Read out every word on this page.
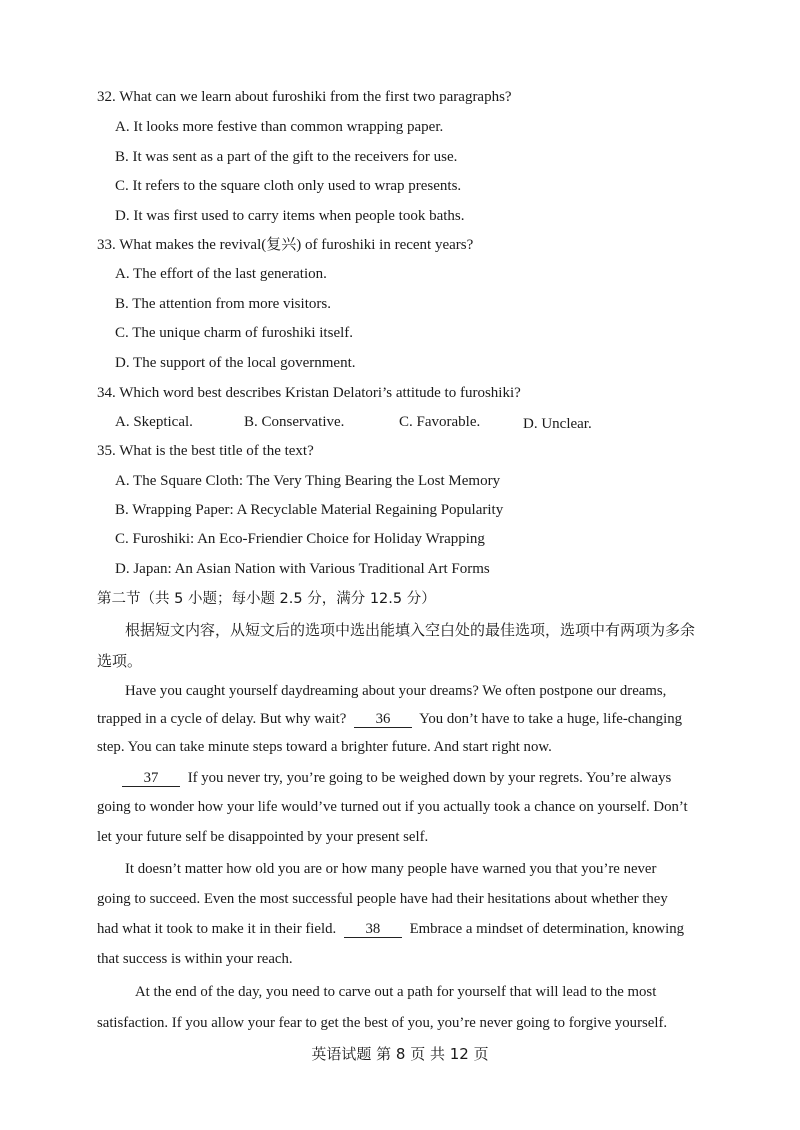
32. What can we learn about furoshiki from the first two paragraphs?
A. It looks more festive than common wrapping paper.
B. It was sent as a part of the gift to the receivers for use.
C. It refers to the square cloth only used to wrap presents.
D. It was first used to carry items when people took baths.
33. What makes the revival(复兴) of furoshiki in recent years?
A. The effort of the last generation.
B. The attention from more visitors.
C. The unique charm of furoshiki itself.
D. The support of the local government.
34. Which word best describes Kristan Delatori’s attitude to furoshiki?
A. Skeptical.	B. Conservative.	C. Favorable.	D. Unclear.
35. What is the best title of the text?
A. The Square Cloth: The Very Thing Bearing the Lost Memory
B. Wrapping Paper: A Recyclable Material Regaining Popularity
C. Furoshiki: An Eco-Friendier Choice for Holiday Wrapping
D. Japan: An Asian Nation with Various Traditional Art Forms
第二节（共 5 小题；每小题 2.5 分，满分 12.5 分）
根据短文内容，从短文后的选项中选出能填入空白处的最佳选项，选项中有两项为多余
选项。
Have you caught yourself daydreaming about your dreams? We often postpone our dreams,
trapped in a cycle of delay. But why wait? 36 You don’t have to take a huge, life-changing
step. You can take minute steps toward a brighter future. And start right now.
37 If you never try, you’re going to be weighed down by your regrets. You’re always
going to wonder how your life would’ve turned out if you actually took a chance on yourself. Don’t
let your future self be disappointed by your present self.
It doesn’t matter how old you are or how many people have warned you that you’re never
going to succeed. Even the most successful people have had their hesitations about whether they
had what it took to make it in their field. 38 Embrace a mindset of determination, knowing
that success is within your reach.
At the end of the day, you need to carve out a path for yourself that will lead to the most
satisfaction. If you allow your fear to get the best of you, you’re never going to forgive yourself.
英语试题 第 8 页 共 12 页
